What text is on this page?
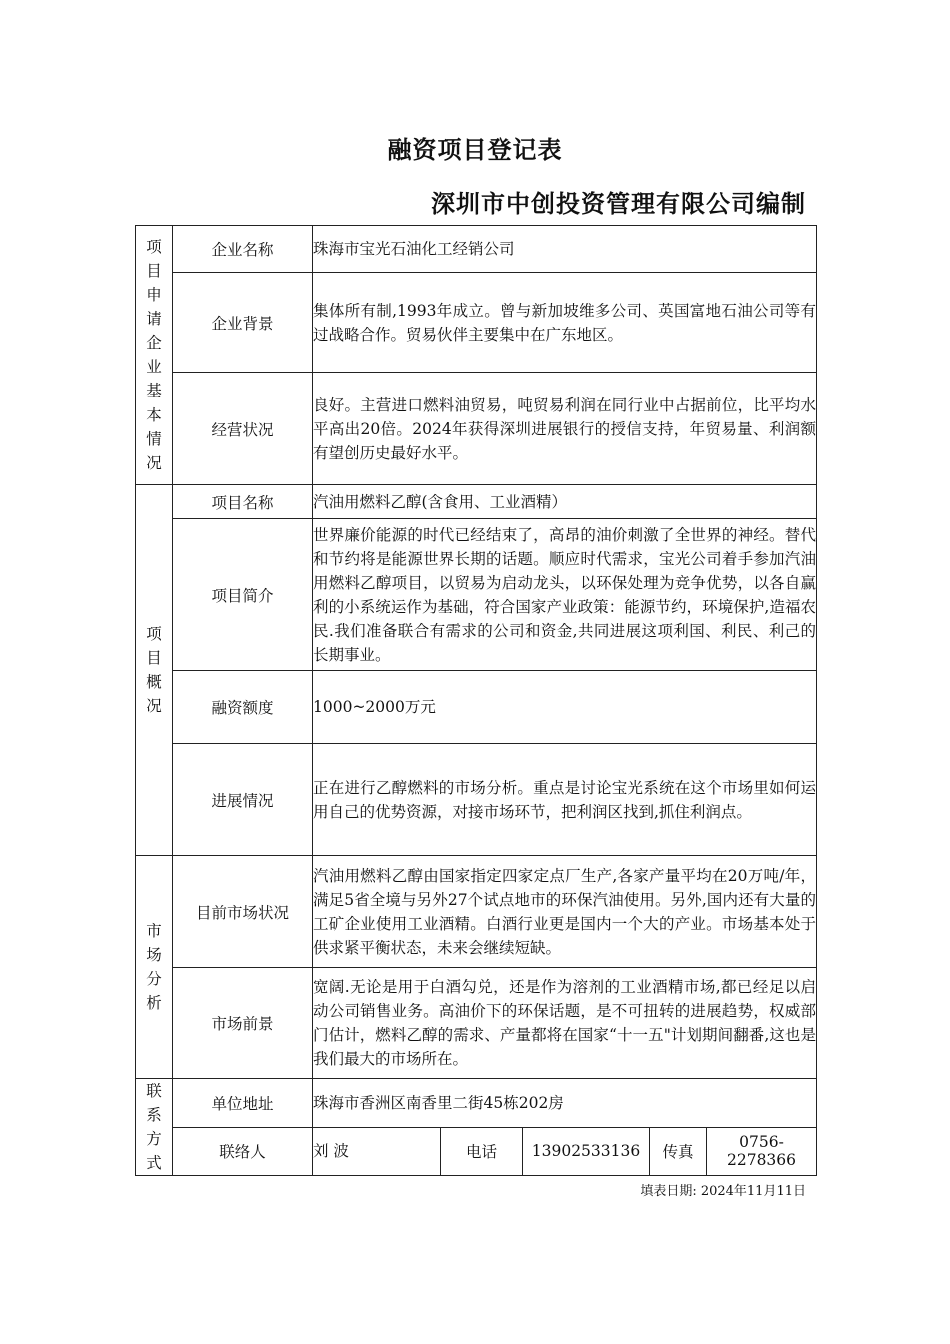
融资项目登记表
深圳市中创投资管理有限公司编制
项目申请企业基本情况	企业名称	珠海市宝光石油化工经销公司				
	企业背景	集体所有制,1993年成立。曾与新加坡维多公司、英国富地石油公司等有过战略合作。贸易伙伴主要集中在广东地区。				
	经营状况	良好。主营进口燃料油贸易，吨贸易利润在同行业中占据前位，比平均水平高出20倍。2024年获得深圳进展银行的授信支持，年贸易量、利润额有望创历史最好水平。				

项目概况	项目名称	汽油用燃料乙醇(含食用、工业酒精）				
	项目简介	世界廉价能源的时代已经结束了，高昂的油价刺激了全世界的神经。替代和节约将是能源世界长期的话题。顺应时代需求，宝光公司着手参加汽油用燃料乙醇项目，以贸易为启动龙头，以环保处理为竞争优势，以各自赢利的小系统运作为基础，符合国家产业政策：能源节约，环境保护,造福农民.我们准备联合有需求的公司和资金,共同进展这项利国、利民、利己的长期事业。				
	融资额度	1000~2000万元				
	进展情况	正在进行乙醇燃料的市场分析。重点是讨论宝光系统在这个市场里如何运用自己的优势资源，对接市场环节，把利润区找到,抓住利润点。				

市场分析	目前市场状况	汽油用燃料乙醇由国家指定四家定点厂生产,各家产量平均在20万吨/年，满足5省全境与另外27个试点地市的环保汽油使用。另外,国内还有大量的工矿企业使用工业酒精。白酒行业更是国内一个大的产业。市场基本处于供求紧平衡状态，未来会继续短缺。				
	市场前景	宽阔.无论是用于白酒勾兑，还是作为溶剂的工业酒精市场,都已经足以启动公司销售业务。高油价下的环保话题，是不可扭转的进展趋势，权威部门估计，燃料乙醇的需求、产量都将在国家“十一五"计划期间翻番,这也是我们最大的市场所在。				

联系方式	单位地址	珠海市香洲区南香里二街45栋202房				
	联络人	刘 波	电话	13902533136	传真	0756-2278366
填表日期: 2024年11月11日
